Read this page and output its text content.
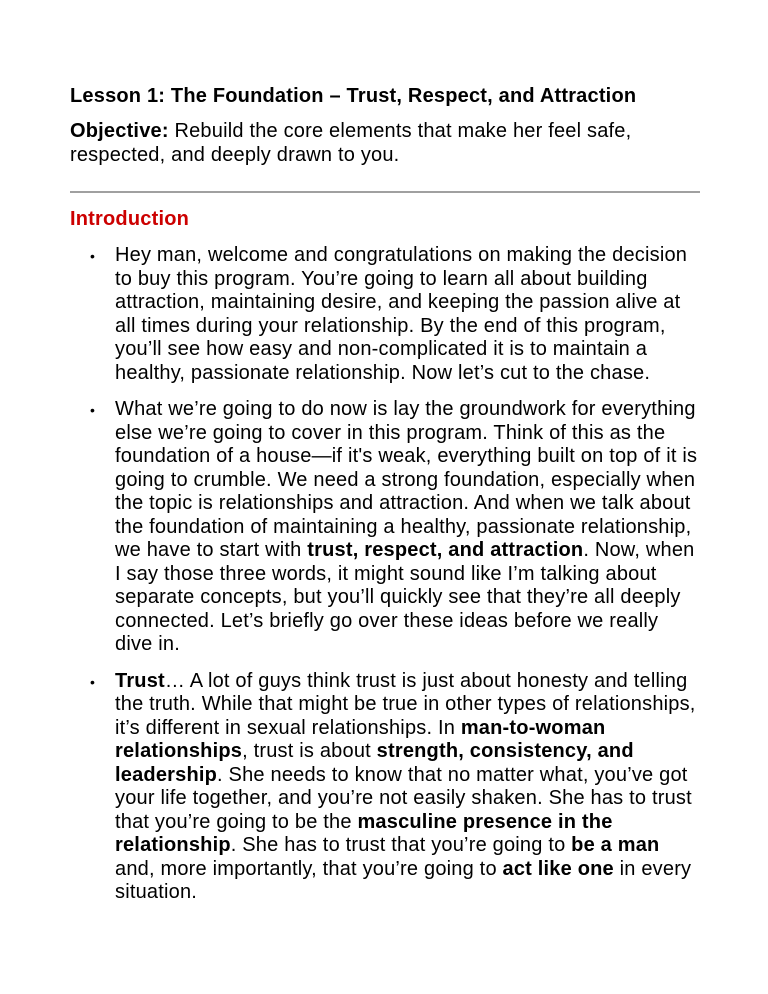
Lesson 1: The Foundation – Trust, Respect, and Attraction

Objective: Rebuild the core elements that make her feel safe, respected, and deeply drawn to you.

Introduction
• Hey man, welcome and congratulations on making the decision to buy this program. You’re going to learn all about building attraction, maintaining desire, and keeping the passion alive at all times during your relationship. By the end of this program, you’ll see how easy and non-complicated it is to maintain a healthy, passionate relationship. Now let’s cut to the chase.
• What we’re going to do now is lay the groundwork for everything else we’re going to cover in this program. Think of this as the foundation of a house—if it's weak, everything built on top of it is going to crumble. We need a strong foundation, especially when the topic is relationships and attraction. And when we talk about the foundation of maintaining a healthy, passionate relationship, we have to start with trust, respect, and attraction. Now, when I say those three words, it might sound like I’m talking about separate concepts, but you’ll quickly see that they’re all deeply connected. Let’s briefly go over these ideas before we really dive in.
• Trust… A lot of guys think trust is just about honesty and telling the truth. While that might be true in other types of relationships, it’s different in sexual relationships. In man-to-woman relationships, trust is about strength, consistency, and leadership. She needs to know that no matter what, you’ve got your life together, and you’re not easily shaken. She has to trust that you’re going to be the masculine presence in the relationship. She has to trust that you’re going to be a man and, more importantly, that you’re going to act like one in every situation.
